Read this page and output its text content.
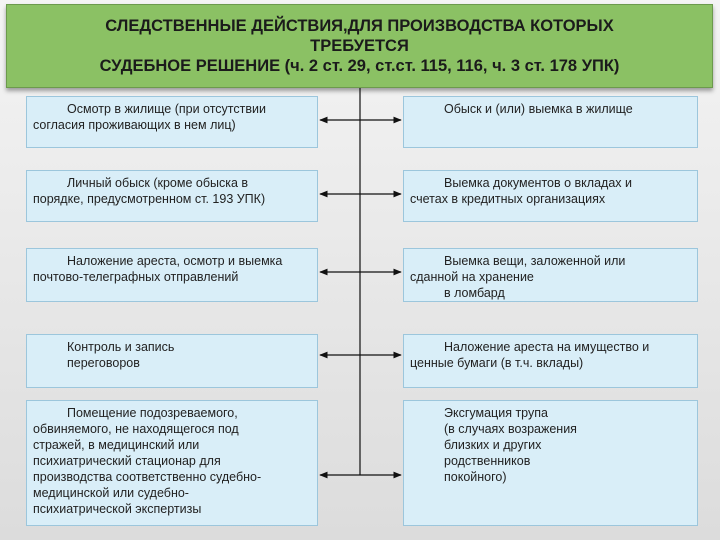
СЛЕДСТВЕННЫЕ ДЕЙСТВИЯ,ДЛЯ ПРОИЗВОДСТВА КОТОРЫХ
ТРЕБУЕТСЯ
СУДЕБНОЕ РЕШЕНИЕ (ч. 2 ст. 29, ст.ст. 115, 116, ч. 3 ст. 178 УПК)
Осмотр в жилище (при отсутствии
согласия проживающих в нем лиц)
Личный обыск (кроме обыска в
порядке, предусмотренном ст. 193 УПК)
Наложение ареста, осмотр и выемка
почтово-телеграфных отправлений
Контроль и запись
переговоров
Помещение подозреваемого,
обвиняемого, не находящегося под
стражей, в медицинский или
психиатрический стационар для
производства соответственно судебно-
медицинской или судебно-
психиатрической экспертизы
Обыск и (или) выемка в жилище
Выемка документов о вкладах и
счетах в кредитных организациях
Выемка вещи, заложенной или
сданной на хранение
в ломбард
Наложение ареста на имущество и
ценные бумаги (в т.ч. вклады)
Эксгумация трупа
(в случаях возражения
близких и других
родственников
покойного)
